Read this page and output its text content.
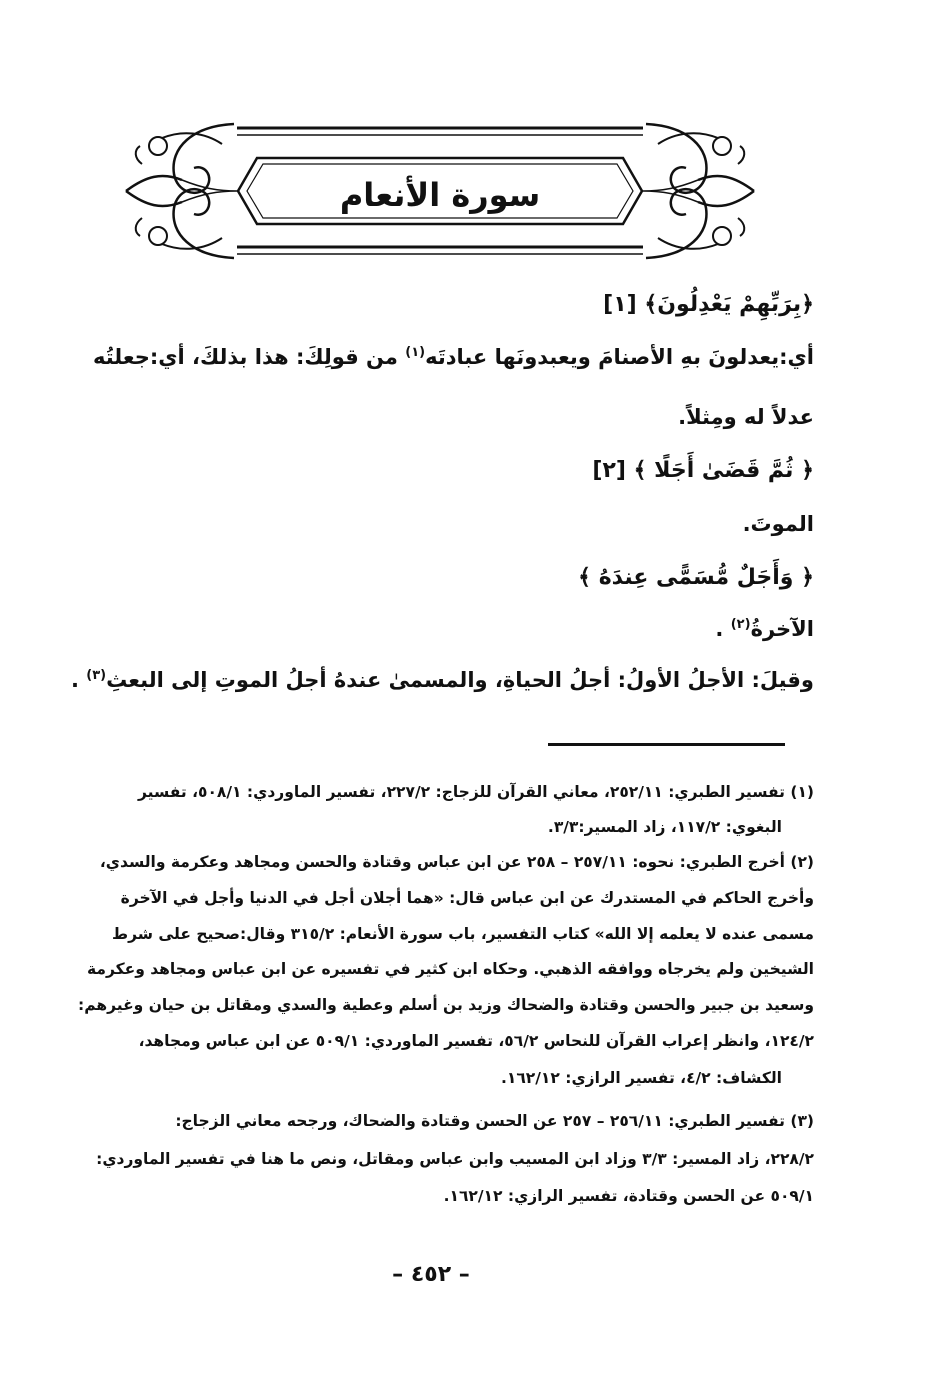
سورة الأنعام
﴿بِرَبِّهِمْ يَعْدِلُونَ﴾ [١]
أي:يعدلونَ بهِ الأصنامَ ويعبدونَها عبادتَه$^{(١)}$ من قولِكَ: هذا بذلكَ، أي:جعلتُه
عدلاً له ومِثلاً.
﴿ ثُمَّ قَضَىٰ أَجَلًا ﴾ [٢]
الموتَ.
﴿ وَأَجَلٌ مُّسَمًّى عِندَهُ ﴾
الآخرةُ$^{(٢)}$ .
وقيلَ: الأجلُ الأولُ: أجلُ الحياةِ، والمسمىٰ عندهُ أجلُ الموتِ إلى البعثِ$^{(٣)}$ .
(١) تفسير الطبري: ٢٥٢/١١، معاني القرآن للزجاج: ٢٢٧/٢، تفسير الماوردي: ٥٠٨/١، تفسير
البغوي: ١١٧/٢، زاد المسير:٣/٣.
(٢) أخرج الطبري: نحوه: ٢٥٧/١١ – ٢٥٨ عن ابن عباس وقتادة والحسن ومجاهد وعكرمة والسدي،
وأخرج الحاكم في المستدرك عن ابن عباس قال: «هما أجلان أجل في الدنيا وأجل في الآخرة
مسمى عنده لا يعلمه إلا الله» كتاب التفسير، باب سورة الأنعام: ٣١٥/٢ وقال:صحيح على شرط
الشيخين ولم يخرجاه ووافقه الذهبي. وحكاه ابن كثير في تفسيره عن ابن عباس ومجاهد وعكرمة
وسعيد بن جبير والحسن وقتادة والضحاك وزيد بن أسلم وعطية والسدي ومقاتل بن حيان وغيرهم:
١٢٤/٢، وانظر إعراب القرآن للنحاس ٥٦/٢، تفسير الماوردي: ٥٠٩/١ عن ابن عباس ومجاهد،
الكشاف: ٤/٢، تفسير الرازي: ١٦٢/١٢.
(٣) تفسير الطبري: ٢٥٦/١١ – ٢٥٧ عن الحسن وقتادة والضحاك، ورجحه معاني الزجاج:
٢٢٨/٢، زاد المسير: ٣/٣ وزاد ابن المسيب وابن عباس ومقاتل، ونص ما هنا في تفسير الماوردي:
٥٠٩/١ عن الحسن وقتادة، تفسير الرازي: ١٦٢/١٢.
– ٤٥٢ –
